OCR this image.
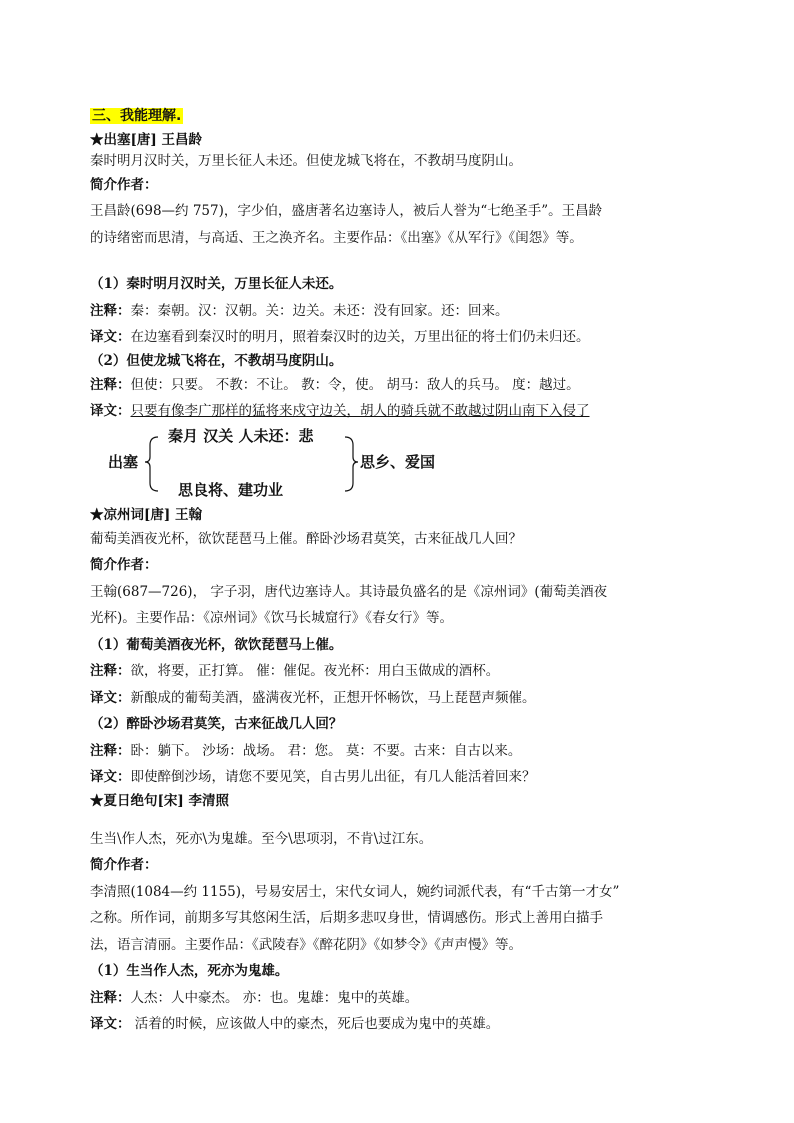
三、我能理解.
★出塞[唐] 王昌龄
秦时明月汉时关，万里长征人未还。但使龙城飞将在，不教胡马度阴山。
简介作者：
王昌龄(698—约 757)，字少伯，盛唐著名边塞诗人，被后人誉为“七绝圣手”。王昌龄
的诗绪密而思清，与高适、王之涣齐名。主要作品：《出塞》《从军行》《闺怨》等。
（1）秦时明月汉时关，万里长征人未还。
注释：秦：秦朝。汉：汉朝。关：边关。未还：没有回家。还：回来。
译文：在边塞看到秦汉时的明月，照着秦汉时的边关，万里出征的将士们仍未归还。
（2）但使龙城飞将在，不教胡马度阴山。
注释：但使：只要。 不教：不让。 教：令，使。 胡马：敌人的兵马。 度：越过。
译文：只要有像李广那样的猛将来戍守边关，胡人的骑兵就不敢越过阴山南下入侵了
出塞
秦月 汉关 人未还：悲
思良将、建功业
思乡、爱国
★凉州词[唐] 王翰
葡萄美酒夜光杯，欲饮琵琶马上催。醉卧沙场君莫笑，古来征战几人回？
简介作者：
王翰(687—726)， 字子羽，唐代边塞诗人。其诗最负盛名的是《凉州词》(葡萄美酒夜
光杯)。主要作品：《凉州词》《饮马长城窟行》《春女行》等。
（1）葡萄美酒夜光杯，欲饮琵琶马上催。
注释：欲，将要，正打算。 催：催促。夜光杯：用白玉做成的酒杯。
译文：新酿成的葡萄美酒，盛满夜光杯，正想开怀畅饮，马上琵琶声频催。
（2）醉卧沙场君莫笑，古来征战几人回？
注释：卧：躺下。 沙场：战场。 君：您。 莫：不要。古来：自古以来。
译文：即使醉倒沙场，请您不要见笑，自古男儿出征，有几人能活着回来？
★夏日绝句[宋] 李清照
生当\作人杰，死亦\为鬼雄。至今\思项羽，不肯\过江东。
简介作者：
李清照(1084—约 1155)，号易安居士，宋代女词人，婉约词派代表，有“千古第一才女”
之称。所作词，前期多写其悠闲生活，后期多悲叹身世，情调感伤。形式上善用白描手
法，语言清丽。主要作品：《武陵春》《醉花阴》《如梦令》《声声慢》等。
（1）生当作人杰，死亦为鬼雄。
注释：人杰：人中豪杰。 亦：也。鬼雄：鬼中的英雄。
译文： 活着的时候，应该做人中的豪杰，死后也要成为鬼中的英雄。
